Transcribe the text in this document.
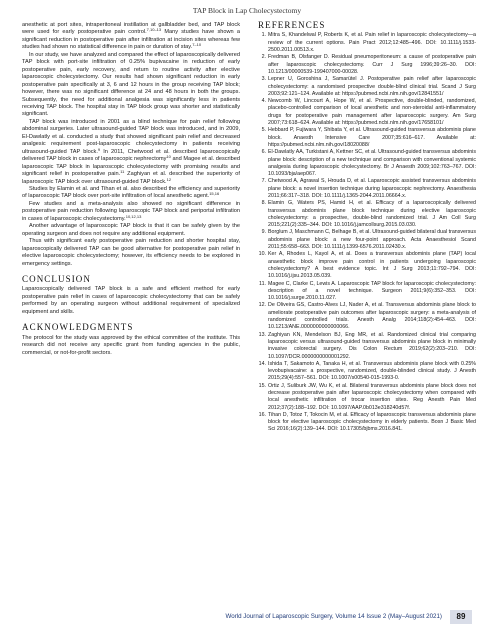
TAP Block in Lap Cholecystectomy

anesthetic at port sites, intraperitoneal instillation at gallbladder bed, and TAP block were used for early postoperative pain control.$^{7,10-13}$ Many studies have shown a significant reduction in postoperative pain after infiltration at incision sites whereas few studies had shown no statistical difference in pain or duration of stay.$^{7-10}$

In our study, we have analyzed and compared the effect of laparoscopically delivered TAP block with port-site infiltration of 0.25% bupivacaine in reduction of early postoperative pain, early recovery, and return to routine activity after elective laparoscopic cholecystectomy. Our results had shown significant reduction in early postoperative pain specifically at 3, 6 and 12 hours in the group receiving TAP block; however, there was no significant difference at 24 and 48 hours in both the groups. Subsequently, the need for additional analgesia was significantly less in patients receiving TAP block. The hospital stay in TAP block group was shorter and statistically significant.

TAP block was introduced in 2001 as a blind technique for pain relief following abdominal surgeries. Later ultrasound-guided TAP block was introduced, and in 2009, El-Dawlatly et al. conducted a study that showed significant pain relief and decreased analgesic requirement post-laparoscopic cholecystectomy in patients receiving ultrasound-guided TAP block.$^9$ In 2011, Chetwood et al. described laparoscopically delivered TAP block in cases of laparoscopic nephrectomy$^{10}$ and Magee et al. described laparoscopic TAP block in laparoscopic cholecystectomy with promising results and significant relief in postoperative pain.$^{11}$ Zaghiyan et al. described the superiority of laparoscopic TAP block over ultrasound-guided TAP block.$^{12}$

Studies by Elamin et al. and Tihan et al. also described the efficiency and superiority of laparoscopic TAP block over port-site infiltration of local anesthetic agent.$^{15,16}$

Few studies and a meta-analysis also showed no significant difference in postoperative pain reduction following laparoscopic TAP block and periportal infiltration in cases of laparoscopic cholecystectomy.$^{10,12,13}$

Another advantage of laparoscopic TAP block is that it can be safely given by the operating surgeon and does not require any additional equipment.

Thus with significant early postoperative pain reduction and shorter hospital stay, laparoscopically delivered TAP can be good alternative for postoperative pain relief in elective laparoscopic cholecystectomy; however, its efficiency needs to be explored in emergency settings.

CONCLUSION

Laparoscopically delivered TAP block is a safe and efficient method for early postoperative pain relief in cases of laparoscopic cholecystectomy that can be safely performed by an operating surgeon without additional requirement of specialized equipment and skills.

ACKNOWLEDGMENTS

The protocol for the study was approved by the ethical committee of the institute. This research did not receive any specific grant from funding agencies in the public, commercial, or not-for-profit sectors.

REFERENCES
1. Mitra S, Khandelwal P, Roberts K, et al. Pain relief in laparoscopic cholecystectomy—a review of the current options. Pain Pract 2012;12:485–496. DOI: 10.1111/j.1533-2500.2011.00513.x.
2. Fredman B, Olsfanger D. Residual pneumoperitoneum: a cause of postoperative pain after laparoscopic cholecystectomy. Curr J Surg 1996;39:26–30. DOI: 10.1213/00000539-199407000-00028.
3. Lepner U, Goroshina J, Samarütel J. Postoperative pain relief after laparoscopic cholecystectomy: a randomised prospective double-blind clinical trial. Scand J Surg 2003;92:121–124. Available at: https://pubmed.ncbi.nlm.nih.gov/12841551/
4. Newcomb W, Lincourt A, Hope W, et al. Prospective, double-blinded, randomized, placebo-controlled comparison of local anesthetic and non-steroidal anti-inflammatory drugs for postoperative pain management after laparoscopic surgery. Am Surg 2007;73:618–624. Available at: https://pubmed.ncbi.nlm.nih.gov/17658101/
5. Hebbard P, Fujiwara Y, Shibata Y, et al. Ultrasound-guided transversus abdominis plane block. Anaesth Intensive Care 2007;35:616–617. Available at: https://pubmed.ncbi.nlm.nih.gov/18020088/
6. El-Dawlatly AA, Turkistani A, Kettner SC, et al. Ultrasound-guided transversus abdominis plane block: description of a new technique and comparison with conventional systemic analgesia during laparoscopic cholecystectomy. Br J Anaesth 2009;102:763–767. DOI: 10.1093/bja/aep067.
7. Chetwood A, Agrawal S, Hrouda D, et al. Laparoscopic assisted transversus abdominis plane block: a novel insertion technique during laparoscopic nephrectomy. Anaesthesia 2011;66:317–318. DOI: 10.1111/j.1365-2044.2011.06664.x.
8. Elamin G, Waters PS, Hamid H, et al. Efficacy of a laparoscopically delivered transversus abdominis plane block technique during elective laparoscopic cholecystectomy: a prospective, double-blind randomized trial. J Am Coll Surg 2015;221(2):335–344. DOI: 10.1016/j.jamcollsurg.2015.03.030.
9. Borglum J, Maschmann C, Belhage B, et al. Ultrasound-guided bilateral dual transversus abdominis plane block: a new four-point approach. Acta Anaesthesiol Scand 2011;55:658–663. DOI: 10.1111/j.1399-6576.2011.02430.x.
10. Ker A, Rhodes L, Kayol A, et al. Does a transversus abdominis plane (TAP) local anaesthetic block improve pain control in patients undergoing laparoscopic cholecystectomy? A best evidence topic. Int J Surg 2013;11:792–794. DOI: 10.1016/j.ijsu.2013.05.039.
11. Magee C, Clarke C, Lewis A. Laparoscopic TAP block for laparoscopic cholecystectomy: description of a novel technique. Surgeon 2011;9(6):352–353. DOI: 10.1016/j.surge.2010.11.027.
12. De Oliveira GS, Castro-Alves LJ, Nader A, et al. Transversus abdominis plane block to ameliorate postoperative pain outcomes after laparoscopic surgery: a meta-analysis of randomized controlled trials. Anesth Analg 2014;118(2):454–463. DOI: 10.1213/ANE.0000000000000066.
13. Zaghiyan KN, Mendelson BJ, Eng MR, et al. Randomized clinical trial comparing laparoscopic versus ultrasound-guided transversus abdominis plane block in minimally invasive colorectal surgery. Dis Colon Rectum 2019;62(2):203–210. DOI: 10.1097/DCR.0000000000001292.
14. Ishida T, Sakamoto A, Tanaka H, et al. Transversus abdominis plane block with 0.25% levobupivacaine: a prospective, randomized, double-blinded clinical study. J Anesth 2015;29(4):557–561. DOI: 10.1007/s00540-015-1993-0.
15. Ortiz J, Suliburk JW, Wu K, et al. Bilateral transversus abdominis plane block does not decrease postoperative pain after laparoscopic cholecystectomy when compared with local anesthetic infiltration of trocar insertion sites. Reg Anesth Pain Med 2012;37(2):188–192. DOI: 10.1097/AAP.0b013e318240d57f.
16. Tihan D, Totoz T, Tokocin M, et al. Efficacy of laparoscopic transversus abdominis plane block for elective laparoscopic cholecystectomy in elderly patients. Bosn J Basic Med Sci 2016;16(2):139–144. DOI: 10.17305/bjbms.2016.841.
World Journal of Laparoscopic Surgery, Volume 14 Issue 2 (May–August 2021)	89
